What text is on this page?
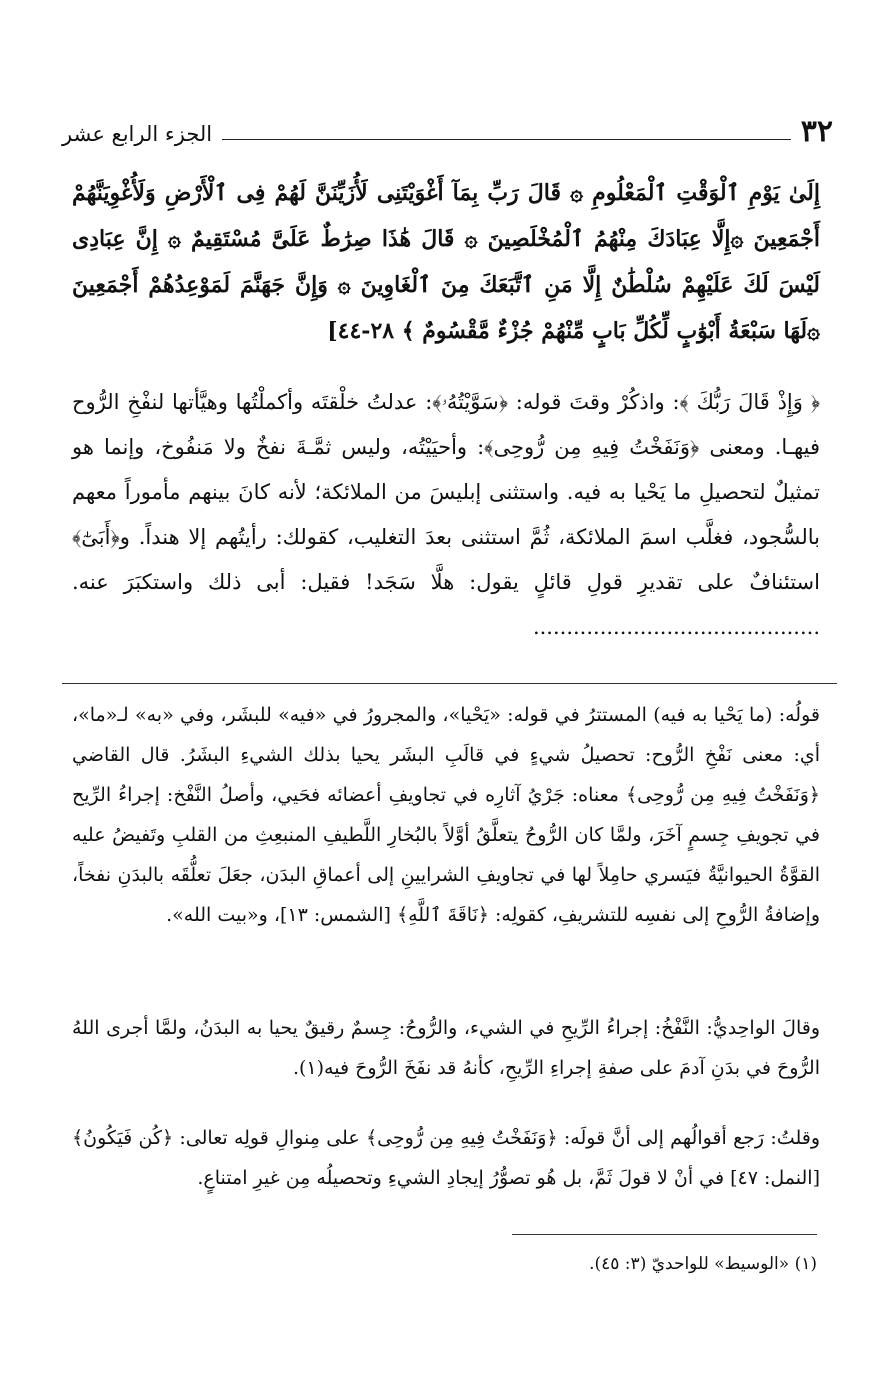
٣٢
الجزء الرابع عشر

إِلَىٰ يَوْمِ ٱلْوَقْتِ ٱلْمَعْلُومِ ۞ قَالَ رَبِّ بِمَآ أَغْوَيْتَنِى لَأُزَيِّنَنَّ لَهُمْ فِى ٱلْأَرْضِ وَلَأُغْوِيَنَّهُمْ أَجْمَعِينَ ۞إِلَّا عِبَادَكَ مِنْهُمُ ٱلْمُخْلَصِينَ ۞ قَالَ هَٰذَا صِرَٰطٌ عَلَىَّ مُسْتَقِيمٌ ۞ إِنَّ عِبَادِى لَيْسَ لَكَ عَلَيْهِمْ سُلْطَٰنٌ إِلَّا مَنِ ٱتَّبَعَكَ مِنَ ٱلْغَاوِينَ ۞ وَإِنَّ جَهَنَّمَ لَمَوْعِدُهُمْ أَجْمَعِينَ ۞لَهَا سَبْعَةُ أَبْوَٰبٍ لِّكُلِّ بَابٍ مِّنْهُمْ جُزْءٌ مَّقْسُومٌ ﴾ ٢٨-٤٤]

﴿ وَإِذْ قَالَ رَبُّكَ ﴾: واذكُرْ وقتَ قوله: ﴿سَوَّيْتُهُۥ﴾: عدلتُ خلْقتَه وأكملْتُها وهيَّأتها لنفْخِ الرُّوح فيهـا. ومعنى ﴿وَنَفَخْتُ فِيهِ مِن رُّوحِى﴾: وأحيَيْتُه، وليس ثمَّـةَ نفخٌ ولا مَنفُوخ، وإنما هو تمثيلٌ لتحصيلِ ما يَحْيا به فيه. واستثنى إبليسَ من الملائكة؛ لأنه كانَ بينهم مأموراً معهم بالسُّجود، فغلَّب اسمَ الملائكة، ثُمَّ استثنى بعدَ التغليب، كقولك: رأيتُهم إلا هنداً. و﴿أَبَىٰٓ﴾ استئنافٌ على تقديرِ قولِ قائلٍ يقول: هلَّا سَجَد! فقيل: أبى ذلك واستكبَرَ عنه. ...........................................

قولُه: (ما يَحْيا به فيه) المستترُ في قوله: «يَحْيا»، والمجرورُ في «فيه» للبشَر، وفي «به» لـ«ما»، أي: معنى نَفْخِ الرُّوح: تحصيلُ شيءٍ في قالَبِ البشَر يحيا بذلك الشيءِ البشَرُ. قال القاضي ﴿وَنَفَخْتُ فِيهِ مِن رُّوحِى﴾ معناه: جَرْيُ آثارِه في تجاويفِ أعضائه فحَيي، وأصلُ النَّفْخ: إجراءُ الرِّيح في تجويفِ جِسمٍ آخَرَ، ولمَّا كان الرُّوحُ يتعلَّقُ أوَّلاً بالبُخارِ اللَّطيفِ المنبعِثِ من القلبِ وتَفيضُ عليه القوَّةُ الحيوانيَّةُ فيَسري حامِلاً لها في تجاويفِ الشرايينِ إلى أعماقِ البدَن، جعَلَ تعلُّقَه بالبدَنِ نفخاً، وإضافةُ الرُّوحِ إلى نفسِه للتشريفِ، كقولِه: ﴿نَاقَةَ ٱللَّهِ﴾ [الشمس: ١٣]، و«بيت الله».

وقالَ الواحِديُّ: النَّفْخُ: إجراءُ الرِّيحِ في الشيء، والرُّوحُ: جِسمٌ رقيقٌ يحيا به البدَنُ، ولمَّا أجرى اللهُ الرُّوحَ في بدَنِ آدمَ على صفةِ إجراءِ الرِّيحِ، كأنهُ قد نفَخَ الرُّوحَ فيه(١).

وقلتُ: رَجع أقوالُهم إلى أنَّ قولَه: ﴿وَنَفَخْتُ فِيهِ مِن رُّوحِى﴾ على مِنوالِ قولِه تعالى: ﴿كُن فَيَكُونُ﴾ [النمل: ٤٧] في أنْ لا قولَ ثَمَّ، بل هُو تصوُّرُ إيجادِ الشيءِ وتحصيلُه مِن غيرِ امتناعٍ.

(١) «الوسيط» للواحديّ (٣: ٤٥).
